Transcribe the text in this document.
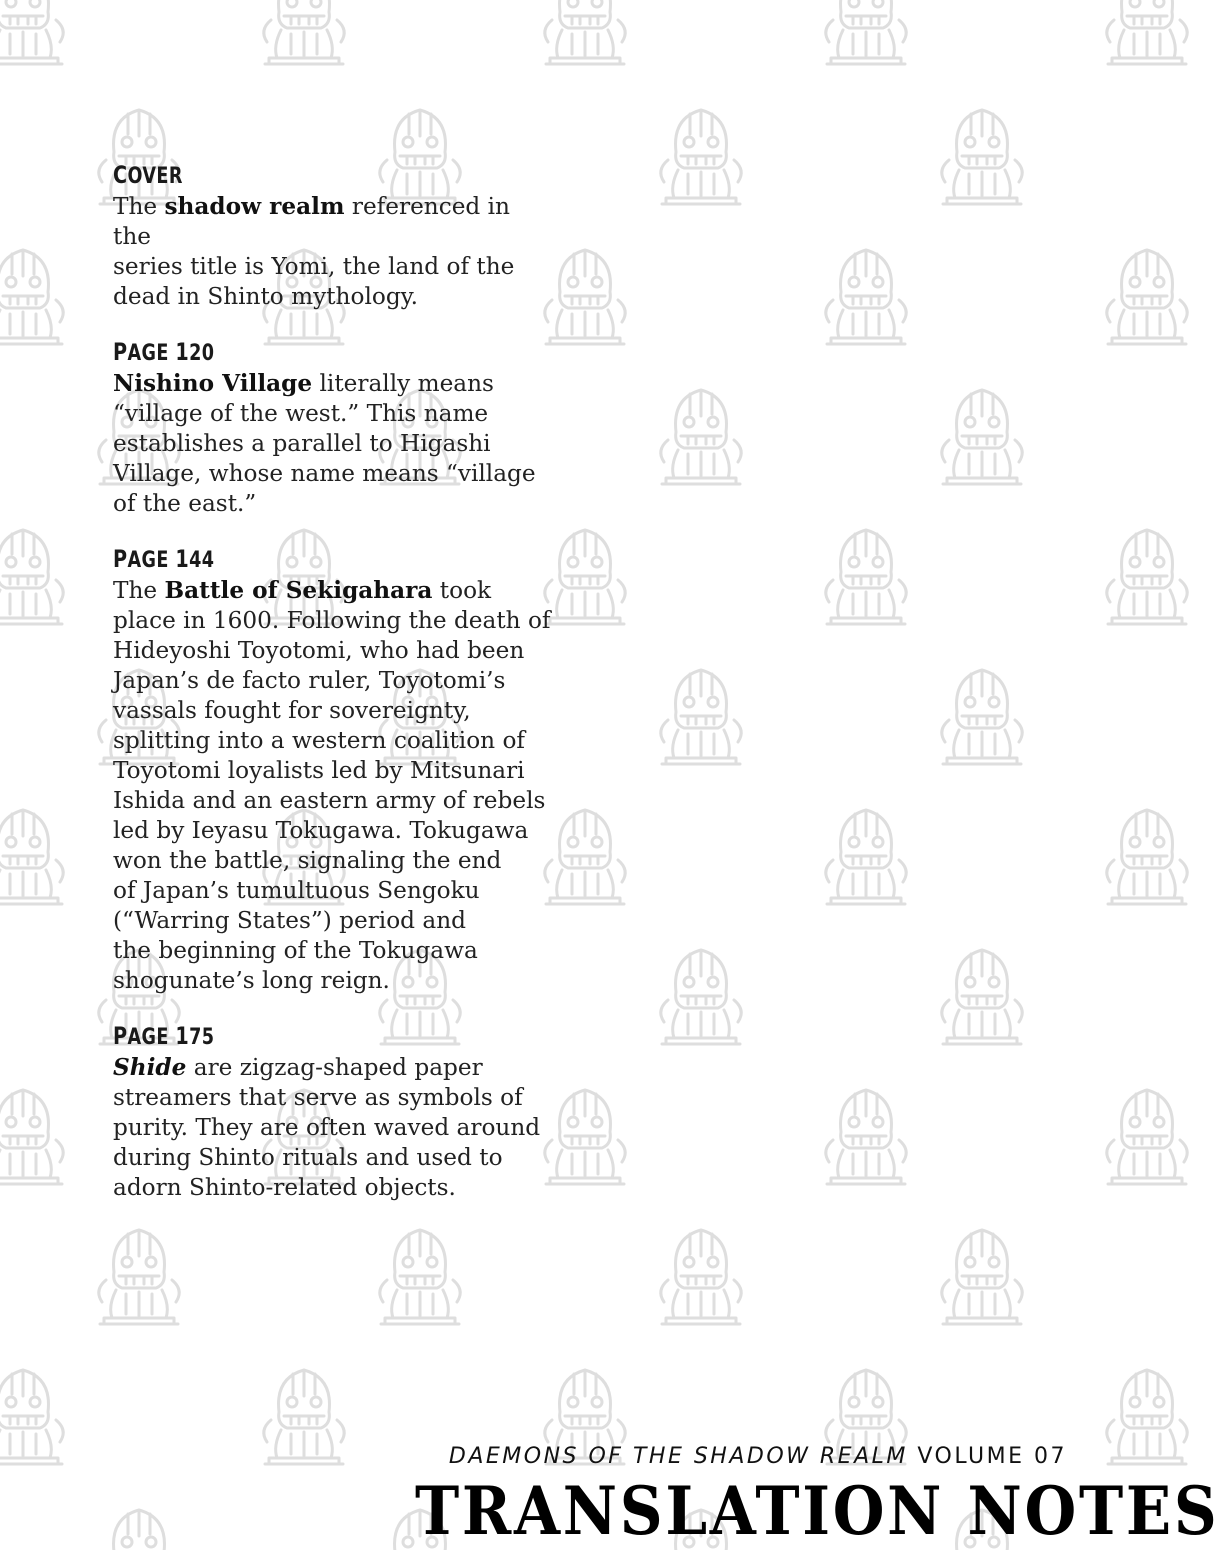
COVER
The shadow realm referenced in the
series title is Yomi, the land of the
dead in Shinto mythology.
PAGE 120
Nishino Village literally means
“village of the west.” This name
establishes a parallel to Higashi
Village, whose name means “village
of the east.”
PAGE 144
The Battle of Sekigahara took
place in 1600. Following the death of
Hideyoshi Toyotomi, who had been
Japan’s de facto ruler, Toyotomi’s
vassals fought for sovereignty,
splitting into a western coalition of
Toyotomi loyalists led by Mitsunari
Ishida and an eastern army of rebels
led by Ieyasu Tokugawa. Tokugawa
won the battle, signaling the end
of Japan’s tumultuous Sengoku
(“Warring States”) period and
the beginning of the Tokugawa
shogunate’s long reign.
PAGE 175
Shide are zigzag-shaped paper
streamers that serve as symbols of
purity. They are often waved around
during Shinto rituals and used to
adorn Shinto-related objects.
DAEMONS OF THE SHADOW REALM VOLUME 07
TRANSLATION NOTES
